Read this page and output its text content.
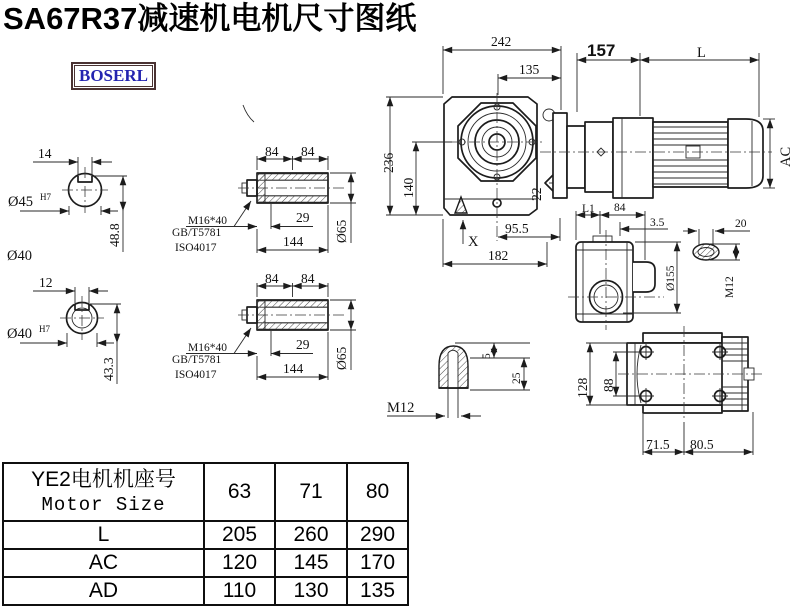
14
Ø45 H7
48.8
Ø40
12
Ø40 H7
43.3
84 84
29
144 Ø65
M16*40
GB/T5781
ISO4017
84 84
29
144 Ø65
M16*40
GB/T5781
ISO4017
242
135
157	L
236
140	22
95.5
X
182
AC
L1 84
3.5	20
M12
Ø155
128 88
71.5 80.5
5
25
M12
SA67R37减速机电机尺寸图纸
BOSERL
YE2电机机座号
Motor Size	63	71	80
L	205	260	290
AC	120	145	170
AD	110	130	135
